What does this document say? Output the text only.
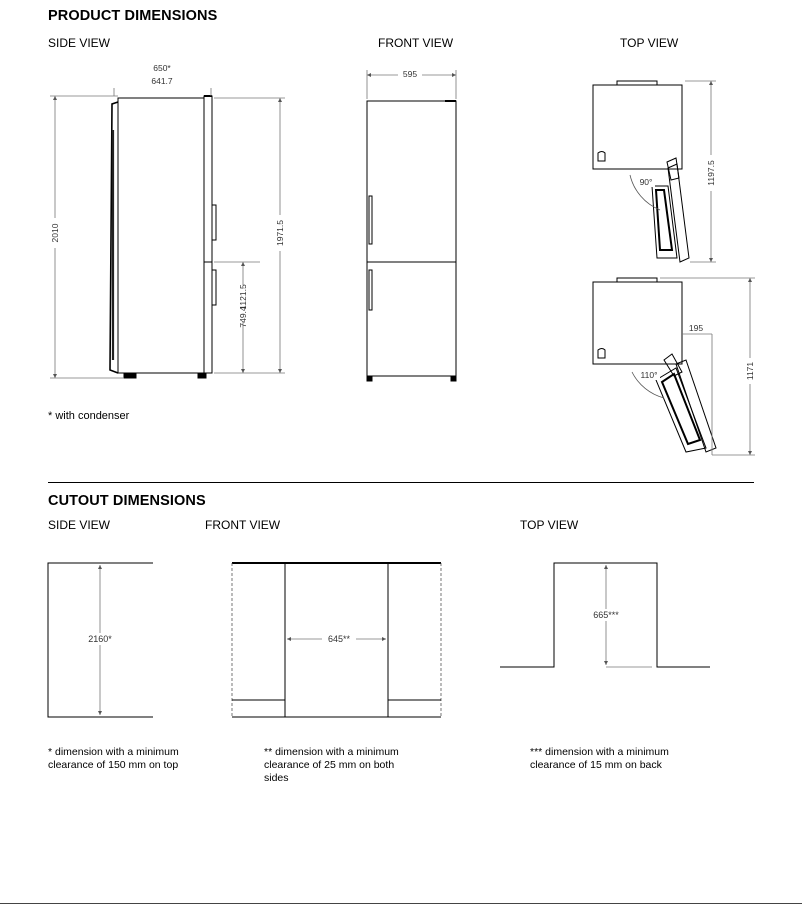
PRODUCT DIMENSIONS
SIDE VIEW	FRONT VIEW	TOP VIEW
* with condenser
CUTOUT DIMENSIONS
SIDE VIEW	FRONT VIEW	TOP VIEW
* dimension with a minimum clearance of 150 mm on top
** dimension with a minimum clearance of 25 mm on both sides
*** dimension with a minimum clearance of 15 mm on back
650*
641.7
2010	1971.5
749.4
1121.5
595
1197.5
90°
1171
195
110°
2160*	645**
665***
